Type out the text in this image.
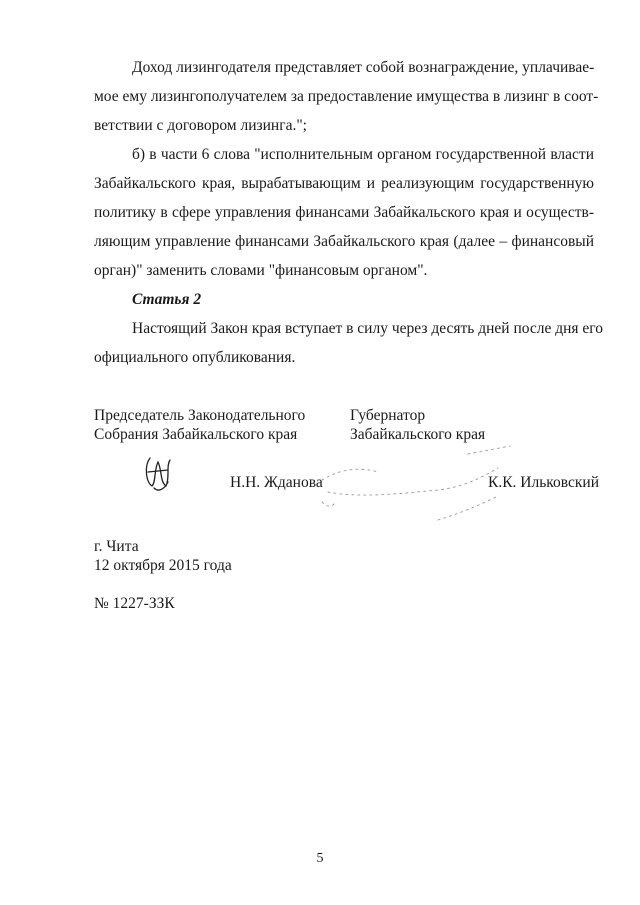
Доход лизингодателя представляет собой вознаграждение, уплачивае-
мое ему лизингополучателем за предоставление имущества в лизинг в соот-
ветствии с договором лизинга.";
б) в части 6 слова "исполнительным органом государственной власти
Забайкальского края, вырабатывающим и реализующим государственную
политику в сфере управления финансами Забайкальского края и осуществ-
ляющим управление финансами Забайкальского края (далее – финансовый
орган)" заменить словами "финансовым органом".
Статья 2
Настоящий Закон края вступает в силу через десять дней после дня его
официального опубликования.
Председатель Законодательного
Собрания Забайкальского края
Губернатор
Забайкальского края
Н.Н. Жданова	К.К. Ильковский
г. Чита
12 октября 2015 года
№ 1227-ЗЗК
5
